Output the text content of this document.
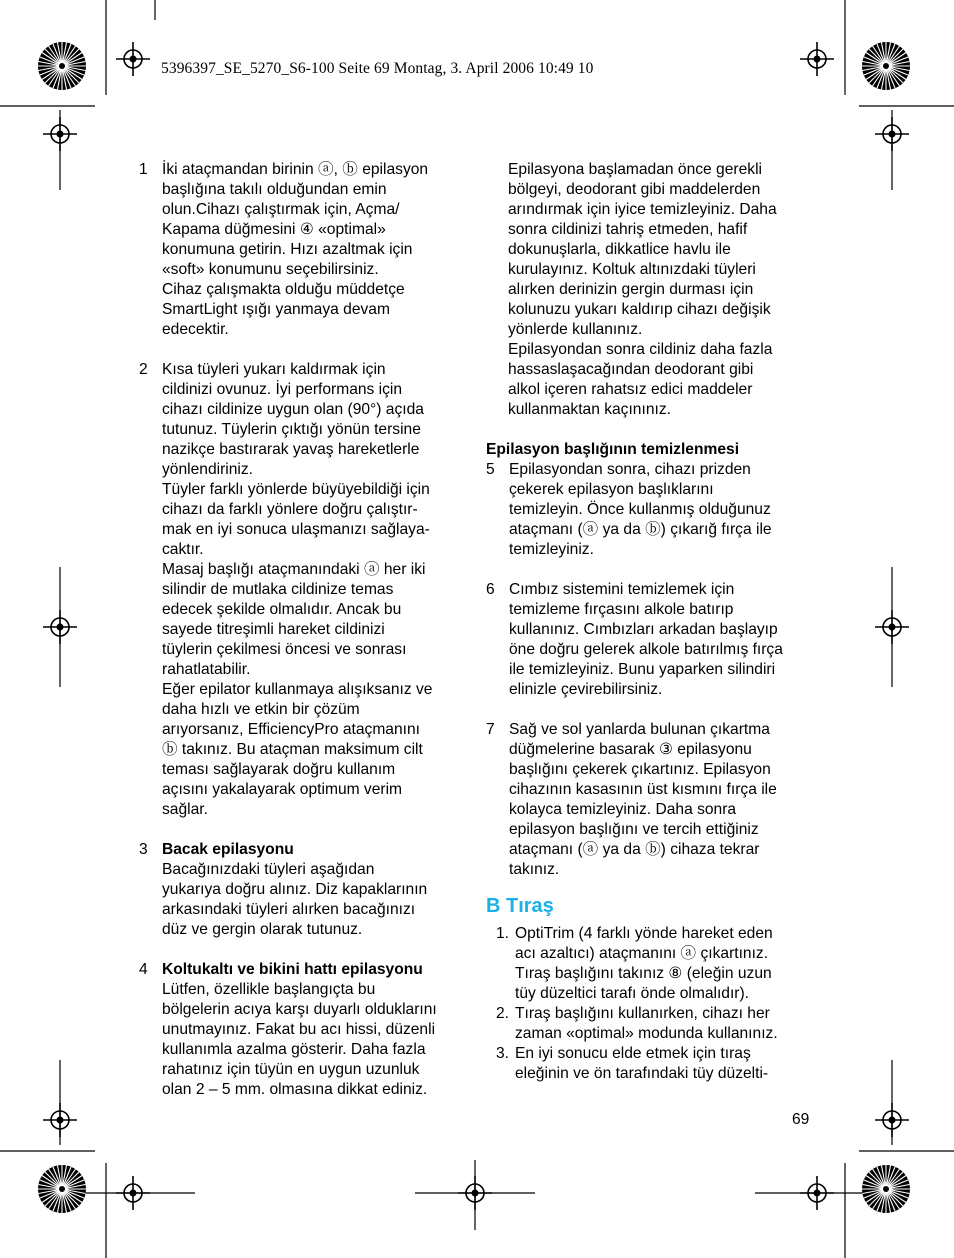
5396397_SE_5270_S6-100 Seite 69 Montag, 3. April 2006 10:49 10
1 İki ataçmandan birinin ⓐ, ⓑ epilasyon
başlığına takılı olduğundan emin
olun.Cihazı çalıştırmak için, Açma/
Kapama düğmesini ④ «optimal»
konumuna getirin. Hızı azaltmak için
«soft» konumunu seçebilirsiniz.
Cihaz çalışmakta olduğu müddetçe
SmartLight ışığı yanmaya devam
edecektir.
2 Kısa tüyleri yukarı kaldırmak için
cildinizi ovunuz. İyi performans için
cihazı cildinize uygun olan (90°) açıda
tutunuz. Tüylerin çıktığı yönün tersine
nazikçe bastırarak yavaş hareketlerle
yönlendiriniz.
Tüyler farklı yönlerde büyüyebildiği için
cihazı da farklı yönlere doğru çalıştır-
mak en iyi sonuca ulaşmanızı sağlaya-
caktır.
Masaj başlığı ataçmanındaki ⓐ her iki
silindir de mutlaka cildinize temas
edecek şekilde olmalıdır. Ancak bu
sayede titreşimli hareket cildinizi
tüylerin çekilmesi öncesi ve sonrası
rahatlatabilir.
Eğer epilator kullanmaya alışıksanız ve
daha hızlı ve etkin bir çözüm
arıyorsanız, EfficiencyPro ataçmanını
ⓑ takınız. Bu ataçman maksimum cilt
teması sağlayarak doğru kullanım
açısını yakalayarak optimum verim
sağlar.
3 Bacak epilasyonu
Bacağınızdaki tüyleri aşağıdan
yukarıya doğru alınız. Diz kapaklarının
arkasındaki tüyleri alırken bacağınızı
düz ve gergin olarak tutunuz.
4 Koltukaltı ve bikini hattı epilasyonu
Lütfen, özellikle başlangıçta bu
bölgelerin acıya karşı duyarlı olduklarını
unutmayınız. Fakat bu acı hissi, düzenli
kullanımla azalma gösterir. Daha fazla
rahatınız için tüyün en uygun uzunluk
olan 2 – 5 mm. olmasına dikkat ediniz.
Epilasyona başlamadan önce gerekli
bölgeyi, deodorant gibi maddelerden
arındırmak için iyice temizleyiniz. Daha
sonra cildinizi tahriş etmeden, hafif
dokunuşlarla, dikkatlice havlu ile
kurulayınız. Koltuk altınızdaki tüyleri
alırken derinizin gergin durması için
kolunuzu yukarı kaldırıp cihazı değişik
yönlerde kullanınız.
Epilasyondan sonra cildiniz daha fazla
hassaslaşacağından deodorant gibi
alkol içeren rahatsız edici maddeler
kullanmaktan kaçınınız.
Epilasyon başlığının temizlenmesi
5 Epilasyondan sonra, cihazı prizden
çekerek epilasyon başlıklarını
temizleyin. Önce kullanmış olduğunuz
ataçmanı (ⓐ ya da ⓑ) çıkarığ fırça ile
temizleyiniz.
6 Cımbız sistemini temizlemek için
temizleme fırçasını alkole batırıp
kullanınız. Cımbızları arkadan başlayıp
öne doğru gelerek alkole batırılmış fırça
ile temizleyiniz. Bunu yaparken silindiri
elinizle çevirebilirsiniz.
7 Sağ ve sol yanlarda bulunan çıkartma
düğmelerine basarak ③ epilasyonu
başlığını çekerek çıkartınız. Epilasyon
cihazının kasasının üst kısmını fırça ile
kolayca temizleyiniz. Daha sonra
epilasyon başlığını ve tercih ettiğiniz
ataçmanı (ⓐ ya da ⓑ) cihaza tekrar
takınız.
B Tıraş
1. OptiTrim (4 farklı yönde hareket eden
acı azaltıcı) ataçmanını ⓐ çıkartınız.
Tıraş başlığını takınız ⑧ (eleğin uzun
tüy düzeltici tarafı önde olmalıdır).
2. Tıraş başlığını kullanırken, cihazı her
zaman «optimal» modunda kullanınız.
3. En iyi sonucu elde etmek için tıraş
eleğinin ve ön tarafındaki tüy düzelti-
69
